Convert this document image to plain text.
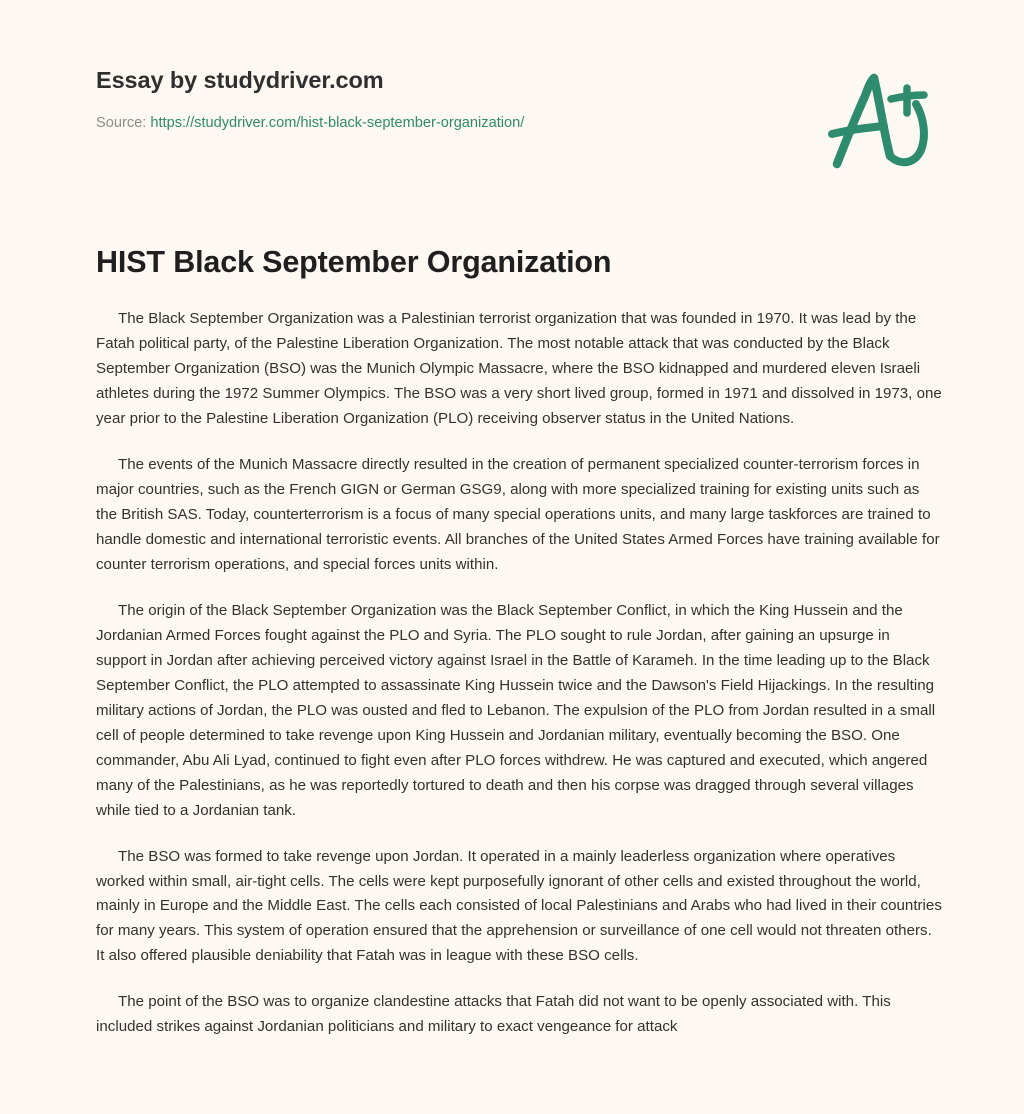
Essay by studydriver.com
Source: https://studydriver.com/hist-black-september-organization/
HIST Black September Organization

The Black September Organization was a Palestinian terrorist organization that was founded in 1970. It was lead by the Fatah political party, of the Palestine Liberation Organization. The most notable attack that was conducted by the Black September Organization (BSO) was the Munich Olympic Massacre, where the BSO kidnapped and murdered eleven Israeli athletes during the 1972 Summer Olympics. The BSO was a very short lived group, formed in 1971 and dissolved in 1973, one year prior to the Palestine Liberation Organization (PLO) receiving observer status in the United Nations.

The events of the Munich Massacre directly resulted in the creation of permanent specialized counter-terrorism forces in major countries, such as the French GIGN or German GSG9, along with more specialized training for existing units such as the British SAS. Today, counterterrorism is a focus of many special operations units, and many large taskforces are trained to handle domestic and international terroristic events. All branches of the United States Armed Forces have training available for counter terrorism operations, and special forces units within.

The origin of the Black September Organization was the Black September Conflict, in which the King Hussein and the Jordanian Armed Forces fought against the PLO and Syria. The PLO sought to rule Jordan, after gaining an upsurge in support in Jordan after achieving perceived victory against Israel in the Battle of Karameh. In the time leading up to the Black September Conflict, the PLO attempted to assassinate King Hussein twice and the Dawson's Field Hijackings. In the resulting military actions of Jordan, the PLO was ousted and fled to Lebanon. The expulsion of the PLO from Jordan resulted in a small cell of people determined to take revenge upon King Hussein and Jordanian military, eventually becoming the BSO. One commander, Abu Ali Lyad, continued to fight even after PLO forces withdrew. He was captured and executed, which angered many of the Palestinians, as he was reportedly tortured to death and then his corpse was dragged through several villages while tied to a Jordanian tank.

The BSO was formed to take revenge upon Jordan. It operated in a mainly leaderless organization where operatives worked within small, air-tight cells. The cells were kept purposefully ignorant of other cells and existed throughout the world, mainly in Europe and the Middle East. The cells each consisted of local Palestinians and Arabs who had lived in their countries for many years. This system of operation ensured that the apprehension or surveillance of one cell would not threaten others. It also offered plausible deniability that Fatah was in league with these BSO cells.

The point of the BSO was to organize clandestine attacks that Fatah did not want to be openly associated with. This included strikes against Jordanian politicians and military to exact vengeance for attack
